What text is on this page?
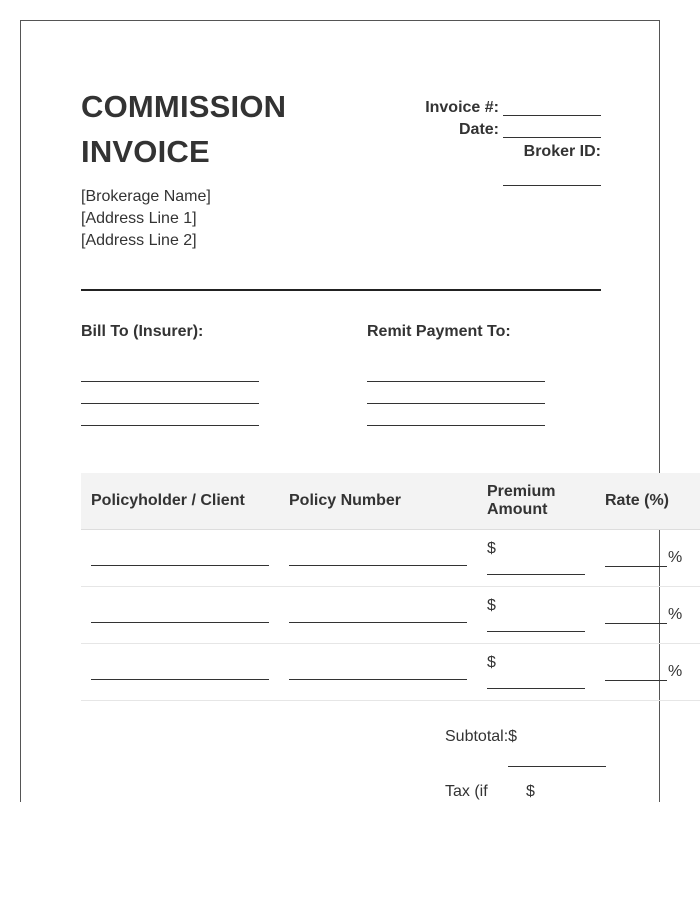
COMMISSION
INVOICE
Invoice #:
Date:
Broker ID:
[Brokerage Name]
[Address Line 1]
[Address Line 2]
Bill To (Insurer):	Remit Payment To:
Policyholder / Client	Policy Number	Premium Amount	Rate (%)

		$	%

		$	%

		$	%
Subtotal:$
Tax (if $
